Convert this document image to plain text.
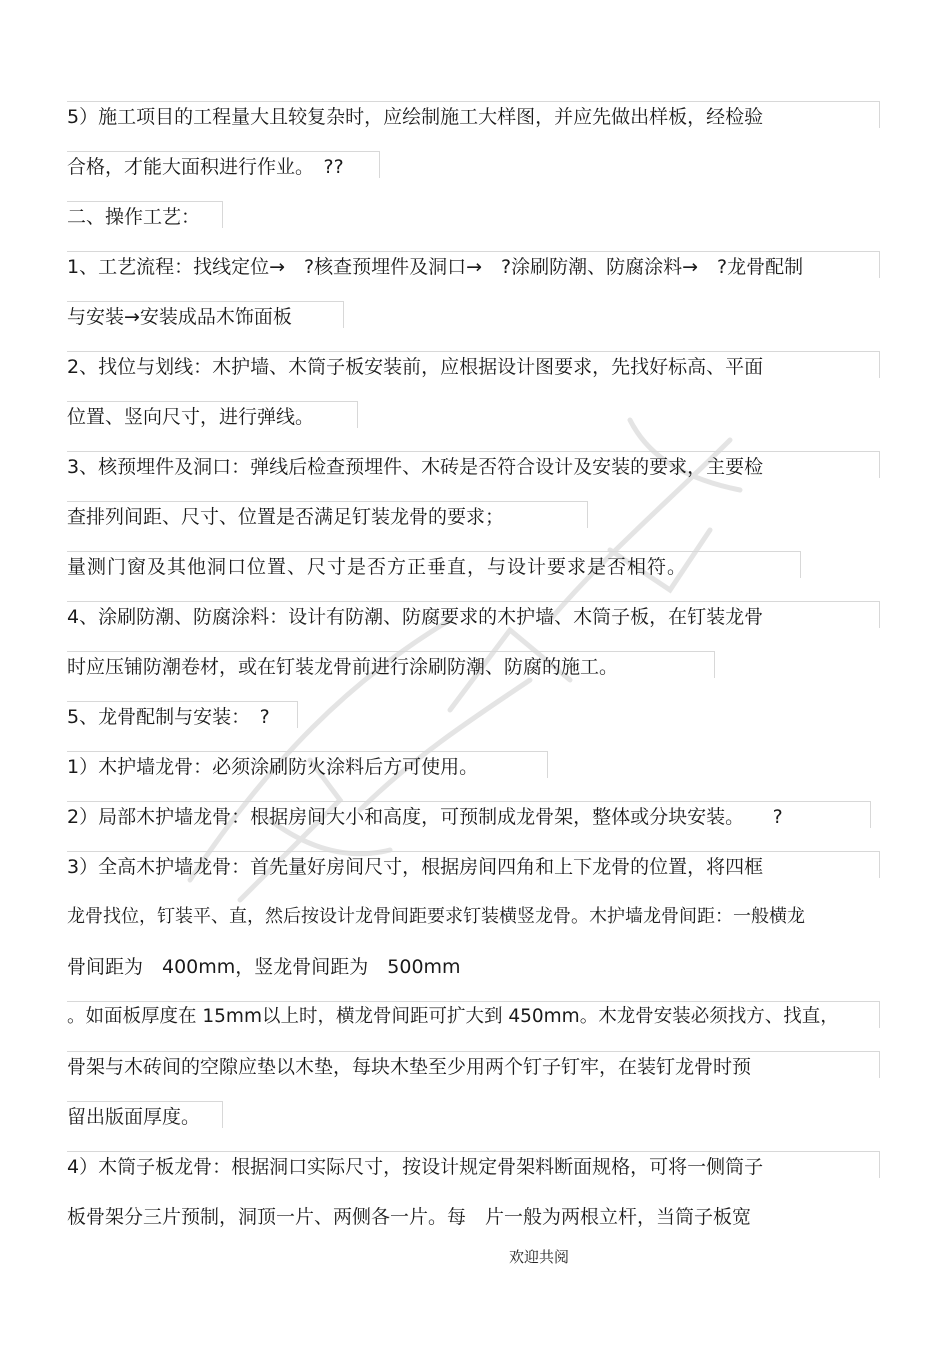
5）施工项目的工程量大且较复杂时，应绘制施工大样图，并应先做出样板，经检验
合格，才能大面积进行作业。　??
二、操作工艺：
1、工艺流程：找线定位→　?核查预埋件及洞口→　?涂刷防潮、防腐涂料→　?龙骨配制
与安装→安装成品木饰面板
2、找位与划线：木护墙、木筒子板安装前，应根据设计图要求，先找好标高、平面
位置、竖向尺寸，进行弹线。
3、核预埋件及洞口：弹线后检查预埋件、木砖是否符合设计及安装的要求，主要检
查排列间距、尺寸、位置是否满足钉装龙骨的要求；
量测门窗及其他洞口位置、尺寸是否方正垂直，与设计要求是否相符。
4、涂刷防潮、防腐涂料：设计有防潮、防腐要求的木护墙、木筒子板，在钉装龙骨
时应压铺防潮卷材，或在钉装龙骨前进行涂刷防潮、防腐的施工。
5、龙骨配制与安装：　?
1）木护墙龙骨：必须涂刷防火涂料后方可使用。
2）局部木护墙龙骨：根据房间大小和高度，可预制成龙骨架，整体或分块安装。　　?
3）全高木护墙龙骨：首先量好房间尺寸，根据房间四角和上下龙骨的位置，将四框
龙骨找位，钉装平、直，然后按设计龙骨间距要求钉装横竖龙骨。木护墙龙骨间距：一般横龙
骨间距为　400mm，竖龙骨间距为　500mm
。如面板厚度在 15mm以上时，横龙骨间距可扩大到 450mm。木龙骨安装必须找方、找直，
骨架与木砖间的空隙应垫以木垫，每块木垫至少用两个钉子钉牢，在装钉龙骨时预
留出版面厚度。
4）木筒子板龙骨：根据洞口实际尺寸，按设计规定骨架料断面规格，可将一侧筒子
板骨架分三片预制，洞顶一片、两侧各一片。每　片一般为两根立杆，当筒子板宽
欢迎共阅
